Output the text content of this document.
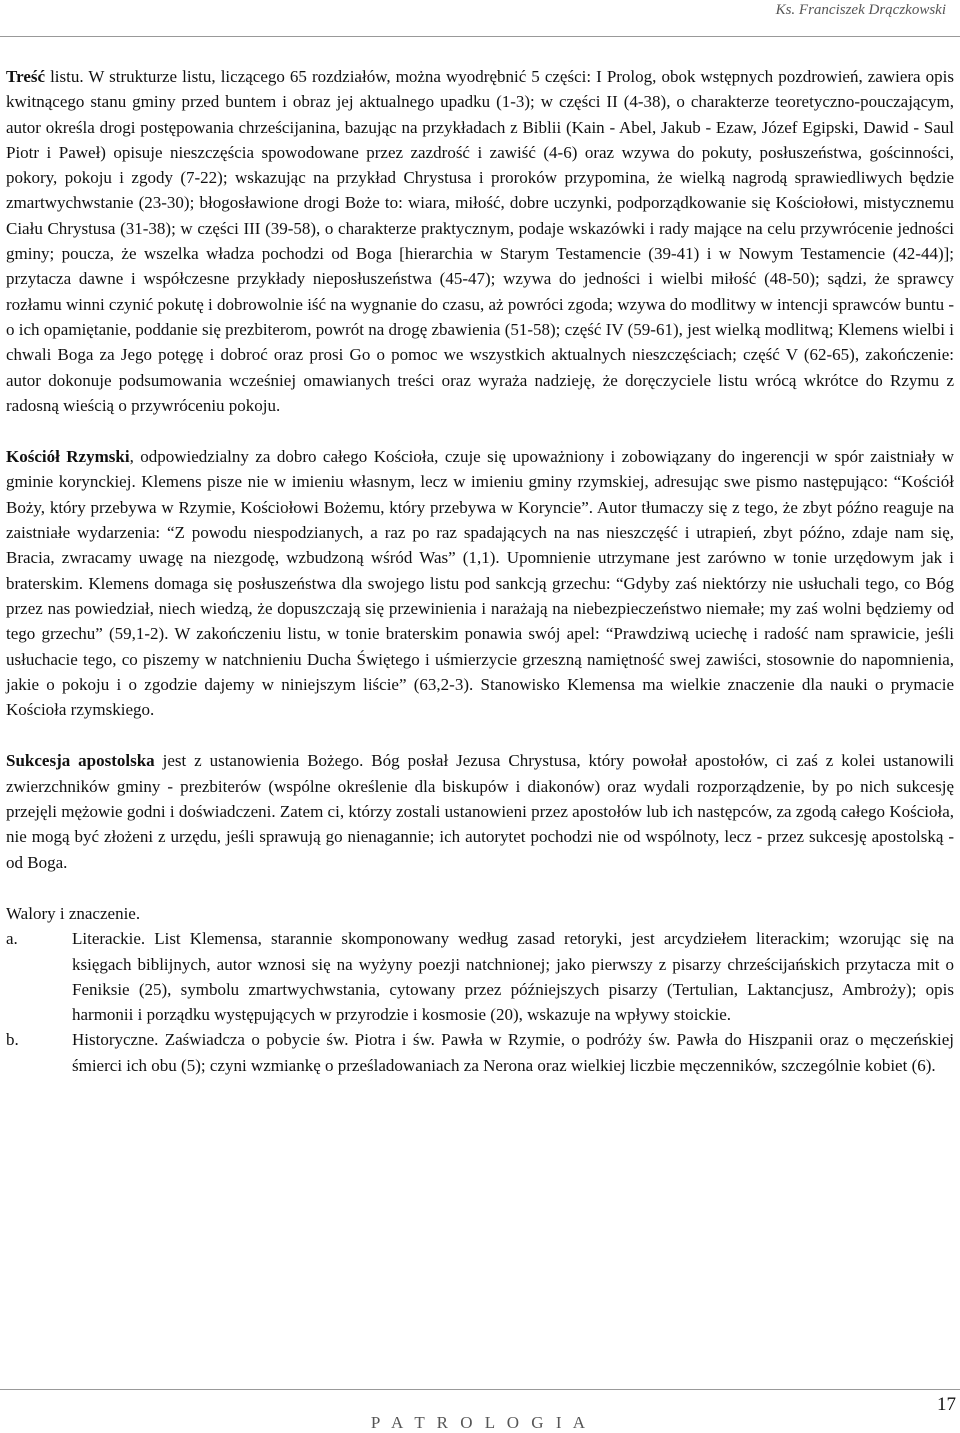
Ks. Franciszek Drączkowski

Treść listu. W strukturze listu, liczącego 65 rozdziałów, można wyodrębnić 5 części: I Prolog, obok wstępnych pozdrowień, zawiera opis kwitnącego stanu gminy przed buntem i obraz jej aktualnego upadku (1-3); w części II (4-38), o charakterze teoretyczno-pouczającym, autor określa drogi postępowania chrześcijanina, bazując na przykładach z Biblii (Kain - Abel, Jakub - Ezaw, Józef Egipski, Dawid - Saul Piotr i Paweł) opisuje nieszczęścia spowodowane przez zazdrość i zawiść (4-6) oraz wzywa do pokuty, posłuszeństwa, gościnności, pokory, pokoju i zgody (7-22); wskazując na przykład Chrystusa i proroków przypomina, że wielką nagrodą sprawiedliwych będzie zmartwychwstanie (23-30); błogosławione drogi Boże to: wiara, miłość, dobre uczynki, podporządkowanie się Kościołowi, mistycznemu Ciału Chrystusa (31-38); w części III (39-58), o charakterze praktycznym, podaje wskazówki i rady mające na celu przywrócenie jedności gminy; poucza, że wszelka władza pochodzi od Boga [hierarchia w Starym Testamencie (39-41) i w Nowym Testamencie (42-44)]; przytacza dawne i współczesne przykłady nieposłuszeństwa (45-47); wzywa do jedności i wielbi miłość (48-50); sądzi, że sprawcy rozłamu winni czynić pokutę i dobrowolnie iść na wygnanie do czasu, aż powróci zgoda; wzywa do modlitwy w intencji sprawców buntu - o ich opamiętanie, poddanie się prezbiterom, powrót na drogę zbawienia (51-58); część IV (59-61), jest wielką modlitwą; Klemens wielbi i chwali Boga za Jego potęgę i dobroć oraz prosi Go o pomoc we wszystkich aktualnych nieszczęściach; część V (62-65), zakończenie: autor dokonuje podsumowania wcześniej omawianych treści oraz wyraża nadzieję, że doręczyciele listu wrócą wkrótce do Rzymu z radosną wieścią o przywróceniu pokoju.

Kościół Rzymski, odpowiedzialny za dobro całego Kościoła, czuje się upoważniony i zobowiązany do ingerencji w spór zaistniały w gminie korynckiej. Klemens pisze nie w imieniu własnym, lecz w imieniu gminy rzymskiej, adresując swe pismo następująco: “Kościół Boży, który przebywa w Rzymie, Kościołowi Bożemu, który przebywa w Koryncie”. Autor tłumaczy się z tego, że zbyt późno reaguje na zaistniałe wydarzenia: “Z powodu niespodzianych, a raz po raz spadających na nas nieszczęść i utrapień, zbyt późno, zdaje nam się, Bracia, zwracamy uwagę na niezgodę, wzbudzoną wśród Was” (1,1). Upomnienie utrzymane jest zarówno w tonie urzędowym jak i braterskim. Klemens domaga się posłuszeństwa dla swojego listu pod sankcją grzechu: “Gdyby zaś niektórzy nie usłuchali tego, co Bóg przez nas powiedział, niech wiedzą, że dopuszczają się przewinienia i narażają na niebezpieczeństwo niemałe; my zaś wolni będziemy od tego grzechu” (59,1-2). W zakończeniu listu, w tonie braterskim ponawia swój apel: “Prawdziwą uciechę i radość nam sprawicie, jeśli usłuchacie tego, co piszemy w natchnieniu Ducha Świętego i uśmierzycie grzeszną namiętność swej zawiści, stosownie do napomnienia, jakie o pokoju i o zgodzie dajemy w niniejszym liście” (63,2-3). Stanowisko Klemensa ma wielkie znaczenie dla nauki o prymacie Kościoła rzymskiego.

Sukcesja apostolska jest z ustanowienia Bożego. Bóg posłał Jezusa Chrystusa, który powołał apostołów, ci zaś z kolei ustanowili zwierzchników gminy - prezbiterów (wspólne określenie dla biskupów i diakonów) oraz wydali rozporządzenie, by po nich sukcesję przejęli mężowie godni i doświadczeni. Zatem ci, którzy zostali ustanowieni przez apostołów lub ich następców, za zgodą całego Kościoła, nie mogą być złożeni z urzędu, jeśli sprawują go nienagannie; ich autorytet pochodzi nie od wspólnoty, lecz - przez sukcesję apostolską - od Boga.

Walory i znaczenie.

a.	Literackie. List Klemensa, starannie skomponowany według zasad retoryki, jest arcydziełem literackim; wzorując się na księgach biblijnych, autor wznosi się na wyżyny poezji natchnionej; jako pierwszy z pisarzy chrześcijańskich przytacza mit o Feniksie (25), symbolu zmartwychwstania, cytowany przez późniejszych pisarzy (Tertulian, Laktancjusz, Ambroży); opis harmonii i porządku występujących w przyrodzie i kosmosie (20), wskazuje na wpływy stoickie.
b.	Historyczne. Zaświadcza o pobycie św. Piotra i św. Pawła w Rzymie, o podróży św. Pawła do Hiszpanii oraz o męczeńskiej śmierci ich obu (5); czyni wzmiankę o prześladowaniach za Nerona oraz wielkiej liczbie męczenników, szczególnie kobiet (6).
17
P A T R O L O G I A
